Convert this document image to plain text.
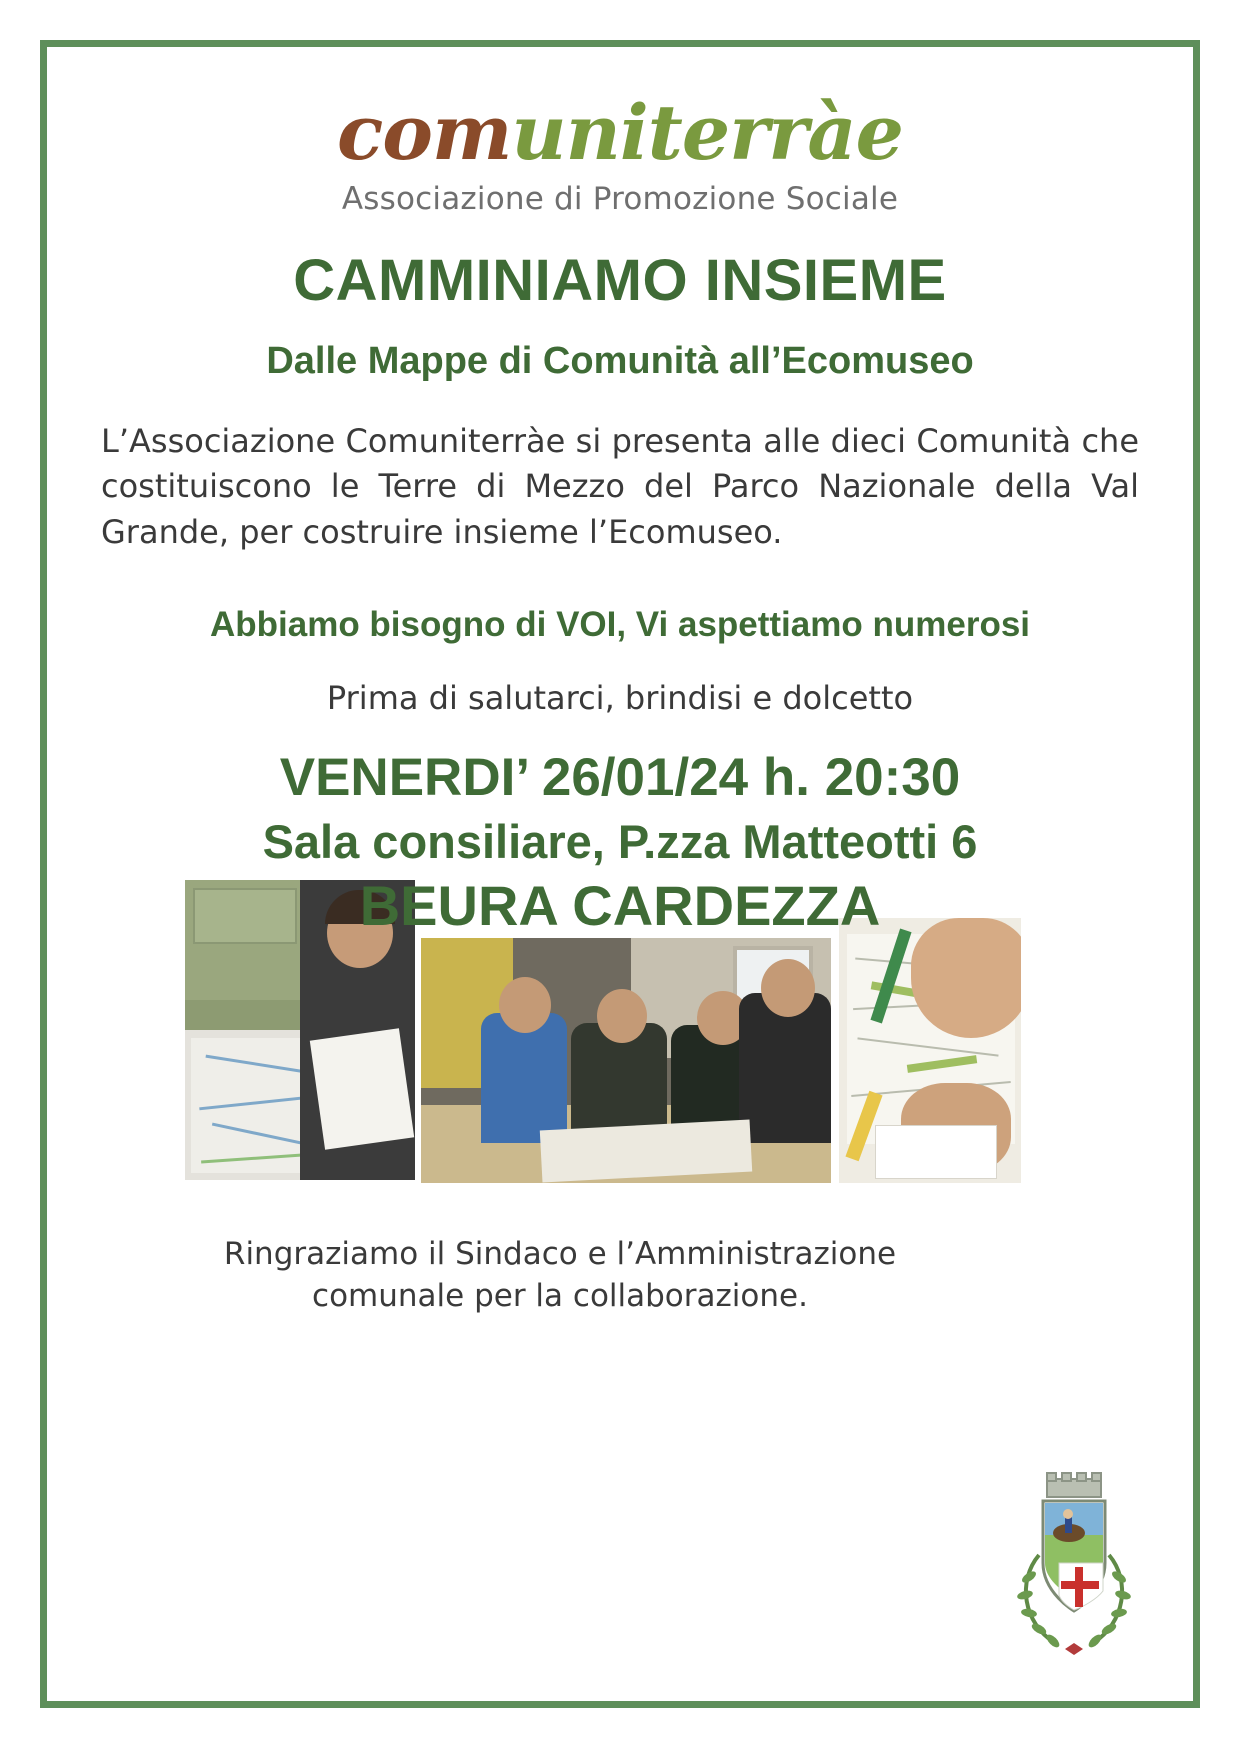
comuniterràe
Associazione di Promozione Sociale
CAMMINIAMO INSIEME
Dalle Mappe di Comunità all’Ecomuseo
L’Associazione Comuniterràe si presenta alle dieci Comunità che costituiscono le Terre di Mezzo del Parco Nazionale della Val Grande, per costruire insieme l’Ecomuseo.
Abbiamo bisogno di VOI, Vi aspettiamo numerosi
Prima di salutarci, brindisi e dolcetto
VENERDI’ 26/01/24 h. 20:30
Sala consiliare, P.zza Matteotti 6
BEURA CARDEZZA
Ringraziamo il Sindaco e l’Amministrazione
comunale per la collaborazione.
